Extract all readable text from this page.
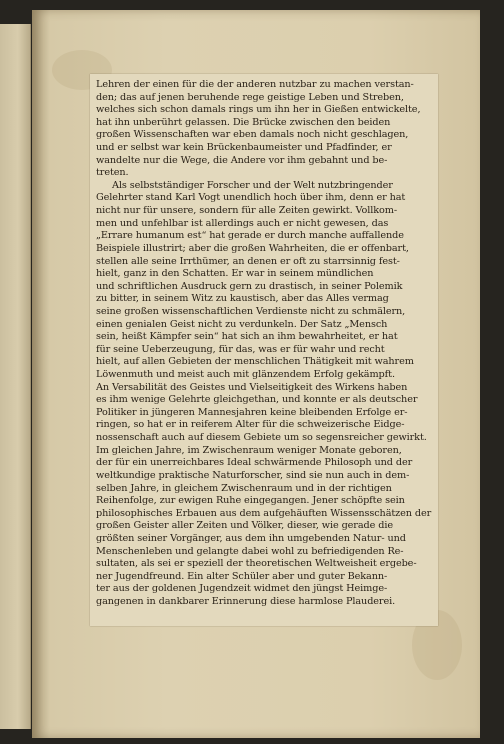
Lehren der einen für die der anderen nutzbar zu machen verstan-
den; das auf jenen beruhende rege geistige Leben und Streben,
welches sich schon damals rings um ihn her in Gießen entwickelte,
hat ihn unberührt gelassen. Die Brücke zwischen den beiden
großen Wissenschaften war eben damals noch nicht geschlagen,
und er selbst war kein Brückenbaumeister und Pfadfinder, er
wandelte nur die Wege, die Andere vor ihm gebahnt und be-
treten.
Als selbstständiger Forscher und der Welt nutzbringender
Gelehrter stand Karl Vogt unendlich hoch über ihm, denn er hat
nicht nur für unsere, sondern für alle Zeiten gewirkt. Vollkom-
men und unfehlbar ist allerdings auch er nicht gewesen, das
„Errare humanum est“ hat gerade er durch manche auffallende
Beispiele illustrirt; aber die großen Wahrheiten, die er offenbart,
stellen alle seine Irrthümer, an denen er oft zu starrsinnig fest-
hielt, ganz in den Schatten. Er war in seinem mündlichen
und schriftlichen Ausdruck gern zu drastisch, in seiner Polemik
zu bitter, in seinem Witz zu kaustisch, aber das Alles vermag
seine großen wissenschaftlichen Verdienste nicht zu schmälern,
einen genialen Geist nicht zu verdunkeln. Der Satz „Mensch
sein, heißt Kämpfer sein“ hat sich an ihm bewahrheitet, er hat
für seine Ueberzeugung, für das, was er für wahr und recht
hielt, auf allen Gebieten der menschlichen Thätigkeit mit wahrem
Löwenmuth und meist auch mit glänzendem Erfolg gekämpft.
An Versabilität des Geistes und Vielseitigkeit des Wirkens haben
es ihm wenige Gelehrte gleichgethan, und konnte er als deutscher
Politiker in jüngeren Mannesjahren keine bleibenden Erfolge er-
ringen, so hat er in reiferem Alter für die schweizerische Eidge-
nossenschaft auch auf diesem Gebiete um so segensreicher gewirkt.
Im gleichen Jahre, im Zwischenraum weniger Monate geboren,
der für ein unerreichbares Ideal schwärmende Philosoph und der
weltkundige praktische Naturforscher, sind sie nun auch in dem-
selben Jahre, in gleichem Zwischenraum und in der richtigen
Reihenfolge, zur ewigen Ruhe eingegangen. Jener schöpfte sein
philosophisches Erbauen aus dem aufgehäuften Wissensschätzen der
großen Geister aller Zeiten und Völker, dieser, wie gerade die
größten seiner Vorgänger, aus dem ihn umgebenden Natur- und
Menschenleben und gelangte dabei wohl zu befriedigenden Re-
sultaten, als sei er speziell der theoretischen Weltweisheit ergebe-
ner Jugendfreund. Ein alter Schüler aber und guter Bekann-
ter aus der goldenen Jugendzeit widmet den jüngst Heimge-
gangenen in dankbarer Erinnerung diese harmlose Plauderei.
